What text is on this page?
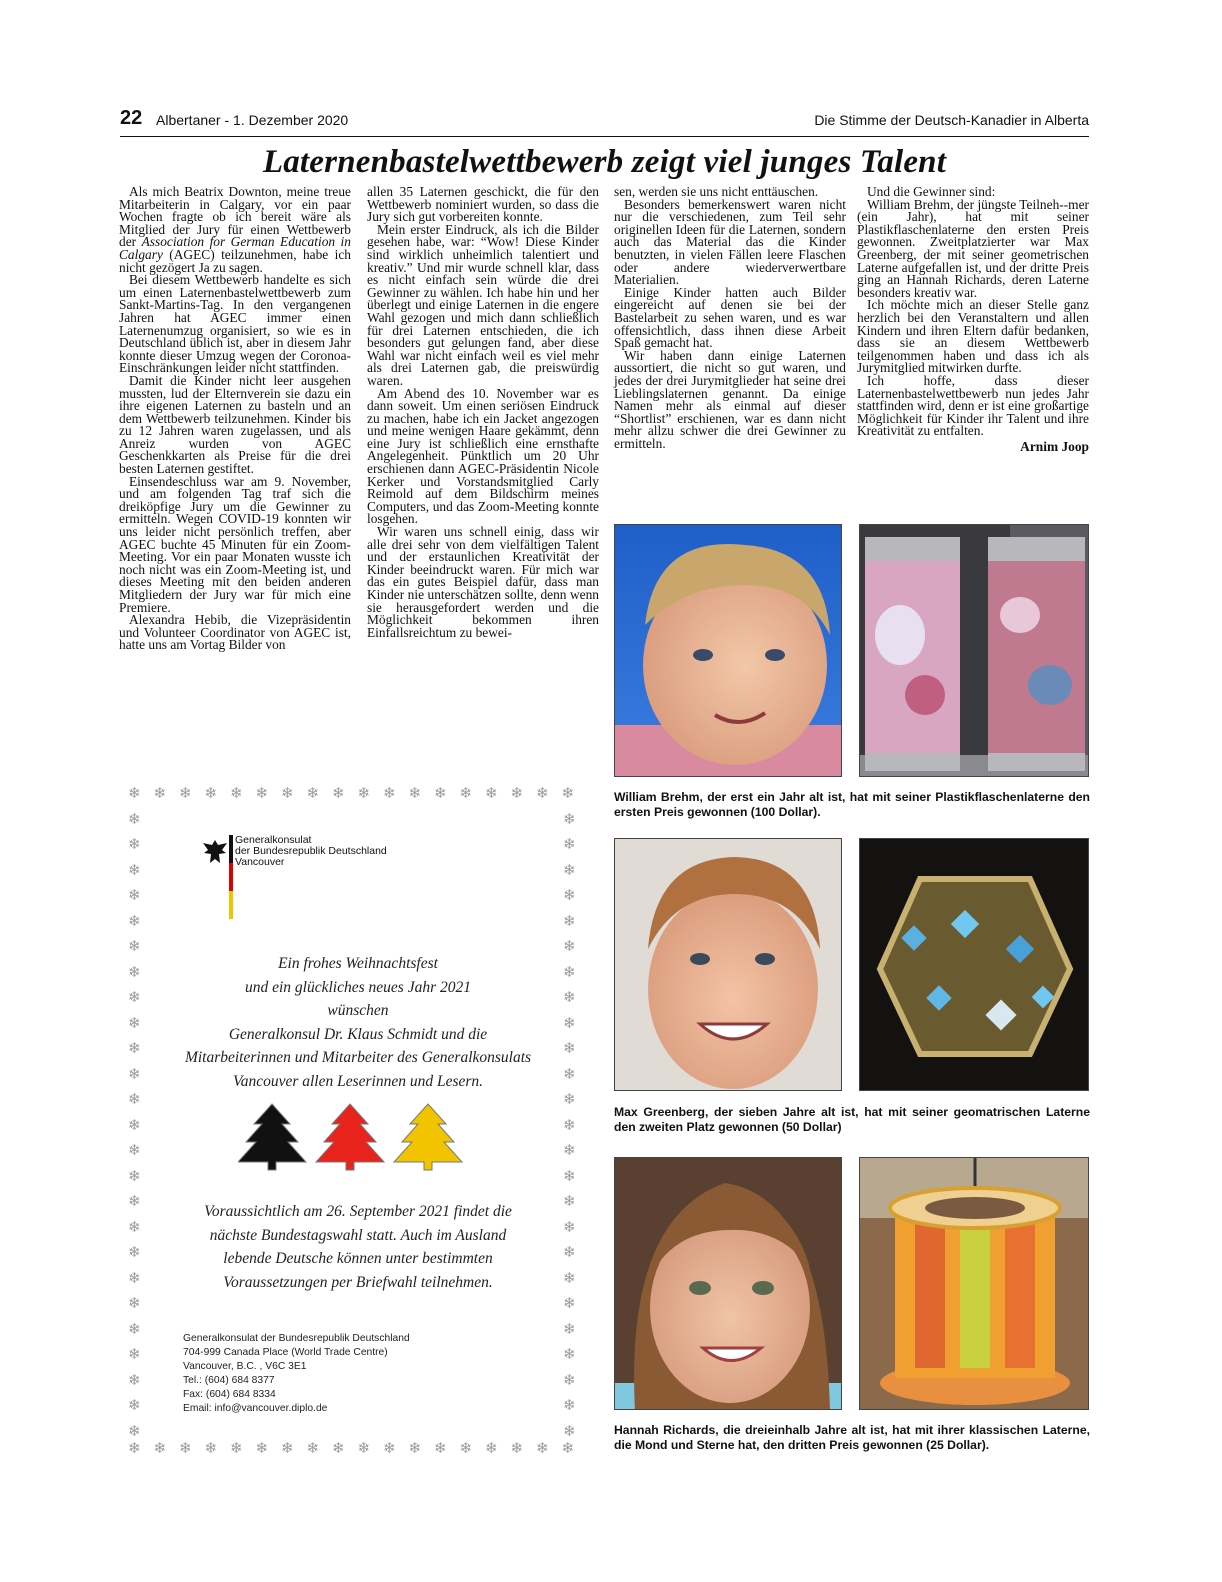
22 Albertaner - 1. Dezember 2020	Die Stimme der Deutsch-Kanadier in Alberta
Laternenbastelwettbewerb zeigt viel junges Talent

Als mich Beatrix Downton, meine treue Mitarbeiterin in Calgary, vor ein paar Wochen fragte ob ich bereit wäre als Mitglied der Jury für einen Wettbewerb der Association for German Education in Calgary (AGEC) teilzunehmen, habe ich nicht gezögert Ja zu sagen.

Bei diesem Wettbewerb handelte es sich um einen Laternenbastelwettbewerb zum Sankt-Martins-Tag. In den vergangenen Jahren hat AGEC immer einen Laternenumzug organisiert, so wie es in Deutschland üblich ist, aber in diesem Jahr konnte dieser Umzug wegen der Coronoa-Einschränkungen leider nicht stattfinden.

Damit die Kinder nicht leer ausgehen mussten, lud der Elternverein sie dazu ein ihre eigenen Laternen zu basteln und an dem Wettbewerb teilzunehmen. Kinder bis zu 12 Jahren waren zugelassen, und als Anreiz wurden von AGEC Geschenkkarten als Preise für die drei besten Laternen gestiftet.

Einsendeschluss war am 9. November, und am folgenden Tag traf sich die dreiköpfige Jury um die Gewinner zu ermitteln. Wegen COVID-19 konnten wir uns leider nicht persönlich treffen, aber AGEC buchte 45 Minuten für ein Zoom-Meeting. Vor ein paar Monaten wusste ich noch nicht was ein Zoom-Meeting ist, und dieses Meeting mit den beiden anderen Mitgliedern der Jury war für mich eine Premiere.

Alexandra Hebib, die Vizepräsidentin und Volunteer Coordinator von AGEC ist, hatte uns am Vortag Bilder von

allen 35 Laternen geschickt, die für den Wettbewerb nominiert wurden, so dass die Jury sich gut vorbereiten konnte.

Mein erster Eindruck, als ich die Bilder gesehen habe, war: “Wow! Diese Kinder sind wirklich unheimlich talentiert und kreativ.” Und mir wurde schnell klar, dass es nicht einfach sein würde die drei Gewinner zu wählen. Ich habe hin und her überlegt und einige Laternen in die engere Wahl gezogen und mich dann schließlich für drei Laternen entschieden, die ich besonders gut gelungen fand, aber diese Wahl war nicht einfach weil es viel mehr als drei Laternen gab, die preiswürdig waren.

Am Abend des 10. November war es dann soweit. Um einen seriösen Eindruck zu machen, habe ich ein Jacket angezogen und meine wenigen Haare gekämmt, denn eine Jury ist schließlich eine ernsthafte Angelegenheit. Pünktlich um 20 Uhr erschienen dann AGEC-Präsidentin Nicole Kerker und Vorstandsmitglied Carly Reimold auf dem Bildschirm meines Computers, und das Zoom-Meeting konnte losgehen.

Wir waren uns schnell einig, dass wir alle drei sehr von dem vielfältigen Talent und der erstaunlichen Kreativität der Kinder beeindruckt waren. Für mich war das ein gutes Beispiel dafür, dass man Kinder nie unterschätzen sollte, denn wenn sie herausgefordert werden und die Möglichkeit bekommen ihren Einfallsreichtum zu bewei-

sen, werden sie uns nicht enttäuschen.

Besonders bemerkenswert waren nicht nur die verschiedenen, zum Teil sehr originellen Ideen für die Laternen, sondern auch das Material das die Kinder benutzten, in vielen Fällen leere Flaschen oder andere wiederverwertbare Materialien.

Einige Kinder hatten auch Bilder eingereicht auf denen sie bei der Bastelarbeit zu sehen waren, und es war offensichtlich, dass ihnen diese Arbeit Spaß gemacht hat.

Wir haben dann einige Laternen aussortiert, die nicht so gut waren, und jedes der drei Jurymitglieder hat seine drei Lieblingslaternen genannt. Da einige Namen mehr als einmal auf dieser “Shortlist” erschienen, war es dann nicht mehr allzu schwer die drei Gewinner zu ermitteln.

Und die Gewinner sind:

William Brehm, der jüngste Teilneh--mer (ein Jahr), hat mit seiner Plastikflaschenlaterne den ersten Preis gewonnen. Zweitplatzierter war Max Greenberg, der mit seiner geometrischen Laterne aufgefallen ist, und der dritte Preis ging an Hannah Richards, deren Laterne besonders kreativ war.

Ich möchte mich an dieser Stelle ganz herzlich bei den Veranstaltern und allen Kindern und ihren Eltern dafür bedanken, dass sie an diesem Wettbewerb teilgenommen haben und dass ich als Jurymitglied mitwirken durfte.

Ich hoffe, dass dieser Laternenbastelwettbewerb nun jedes Jahr stattfinden wird, denn er ist eine großartige Möglichkeit für Kinder ihr Talent und ihre Kreativität zu entfalten.

Arnim Joop
William Brehm, der erst ein Jahr alt ist, hat mit seiner Plastikflaschenlaterne den ersten Preis gewonnen (100 Dollar).
Max Greenberg, der sieben Jahre alt ist, hat mit seiner geomatrischen Laterne den zweiten Platz gewonnen (50 Dollar)
Hannah Richards, die dreieinhalb Jahre alt ist, hat mit ihrer klassischen Laterne, die Mond und Sterne hat, den dritten Preis gewonnen (25 Dollar).
❄
❄
❄
❄
❄
❄
❄
❄
❄
❄
❄
❄
❄
❄
❄
❄
❄
❄
❄
❄
❄
❄
❄
❄
❄
❄
❄
❄
❄
❄
❄
❄
❄
❄
❄
❄
❄	❄
❄	❄
❄	❄
❄	❄
❄	❄
❄	❄
❄	❄
❄	❄
❄	❄
❄	❄
❄	❄
❄	❄
❄	❄
❄	❄
❄	❄
❄	❄
❄	❄
❄	❄
❄	❄
❄	❄
❄	❄
❄	❄
❄	❄
❄	❄
❄	❄
Generalkonsulat
der Bundesrepublik Deutschland
Vancouver
Ein frohes Weihnachtsfest
und ein glückliches neues Jahr 2021
wünschen
Generalkonsul Dr. Klaus Schmidt und die
Mitarbeiterinnen und Mitarbeiter des Generalkonsulats
Vancouver allen Leserinnen und Lesern.
Voraussichtlich am 26. September 2021 findet die
nächste Bundestagswahl statt. Auch im Ausland
lebende Deutsche können unter bestimmten
Voraussetzungen per Briefwahl teilnehmen.
Generalkonsulat der Bundesrepublik Deutschland
704-999 Canada Place (World Trade Centre)
Vancouver, B.C. , V6C 3E1
Tel.: (604) 684 8377
Fax: (604) 684 8334
Email: info@vancouver.diplo.de
